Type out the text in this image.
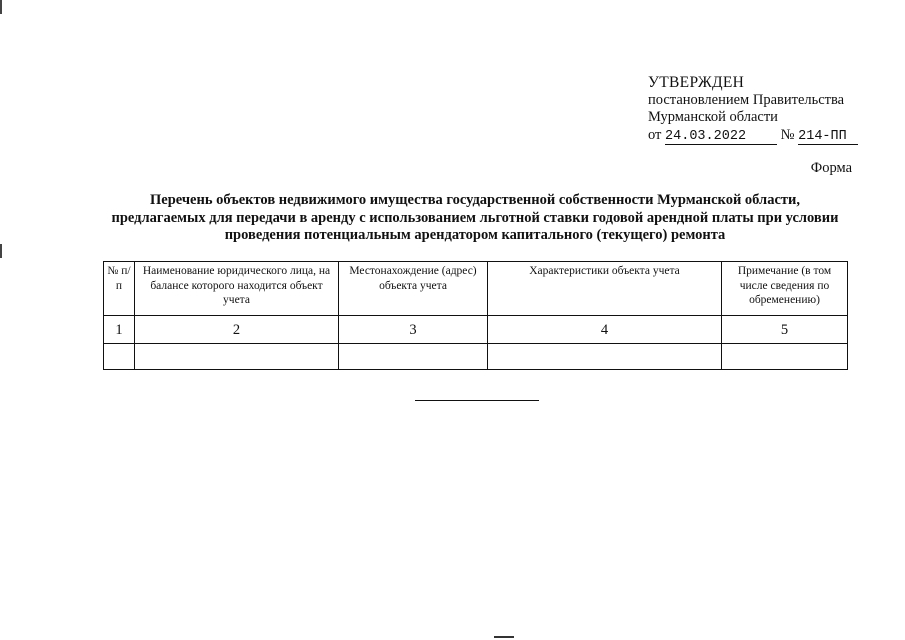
УТВЕРЖДЕН
постановлением Правительства
Мурманской области
от 24.03.2022 № 214-ПП
Форма
Перечень объектов недвижимого имущества государственной собственности Мурманской области,
предлагаемых для передачи в аренду с использованием льготной ставки годовой арендной платы при условии
проведения потенциальным арендатором капитального (текущего) ремонта
№ п/п	Наименование юридического лица, на балансе которого находится объект учета	Местонахождение (адрес) объекта учета	Характеристики объекта учета	Примечание (в том числе сведения по обременению)
1	2	3	4	5
